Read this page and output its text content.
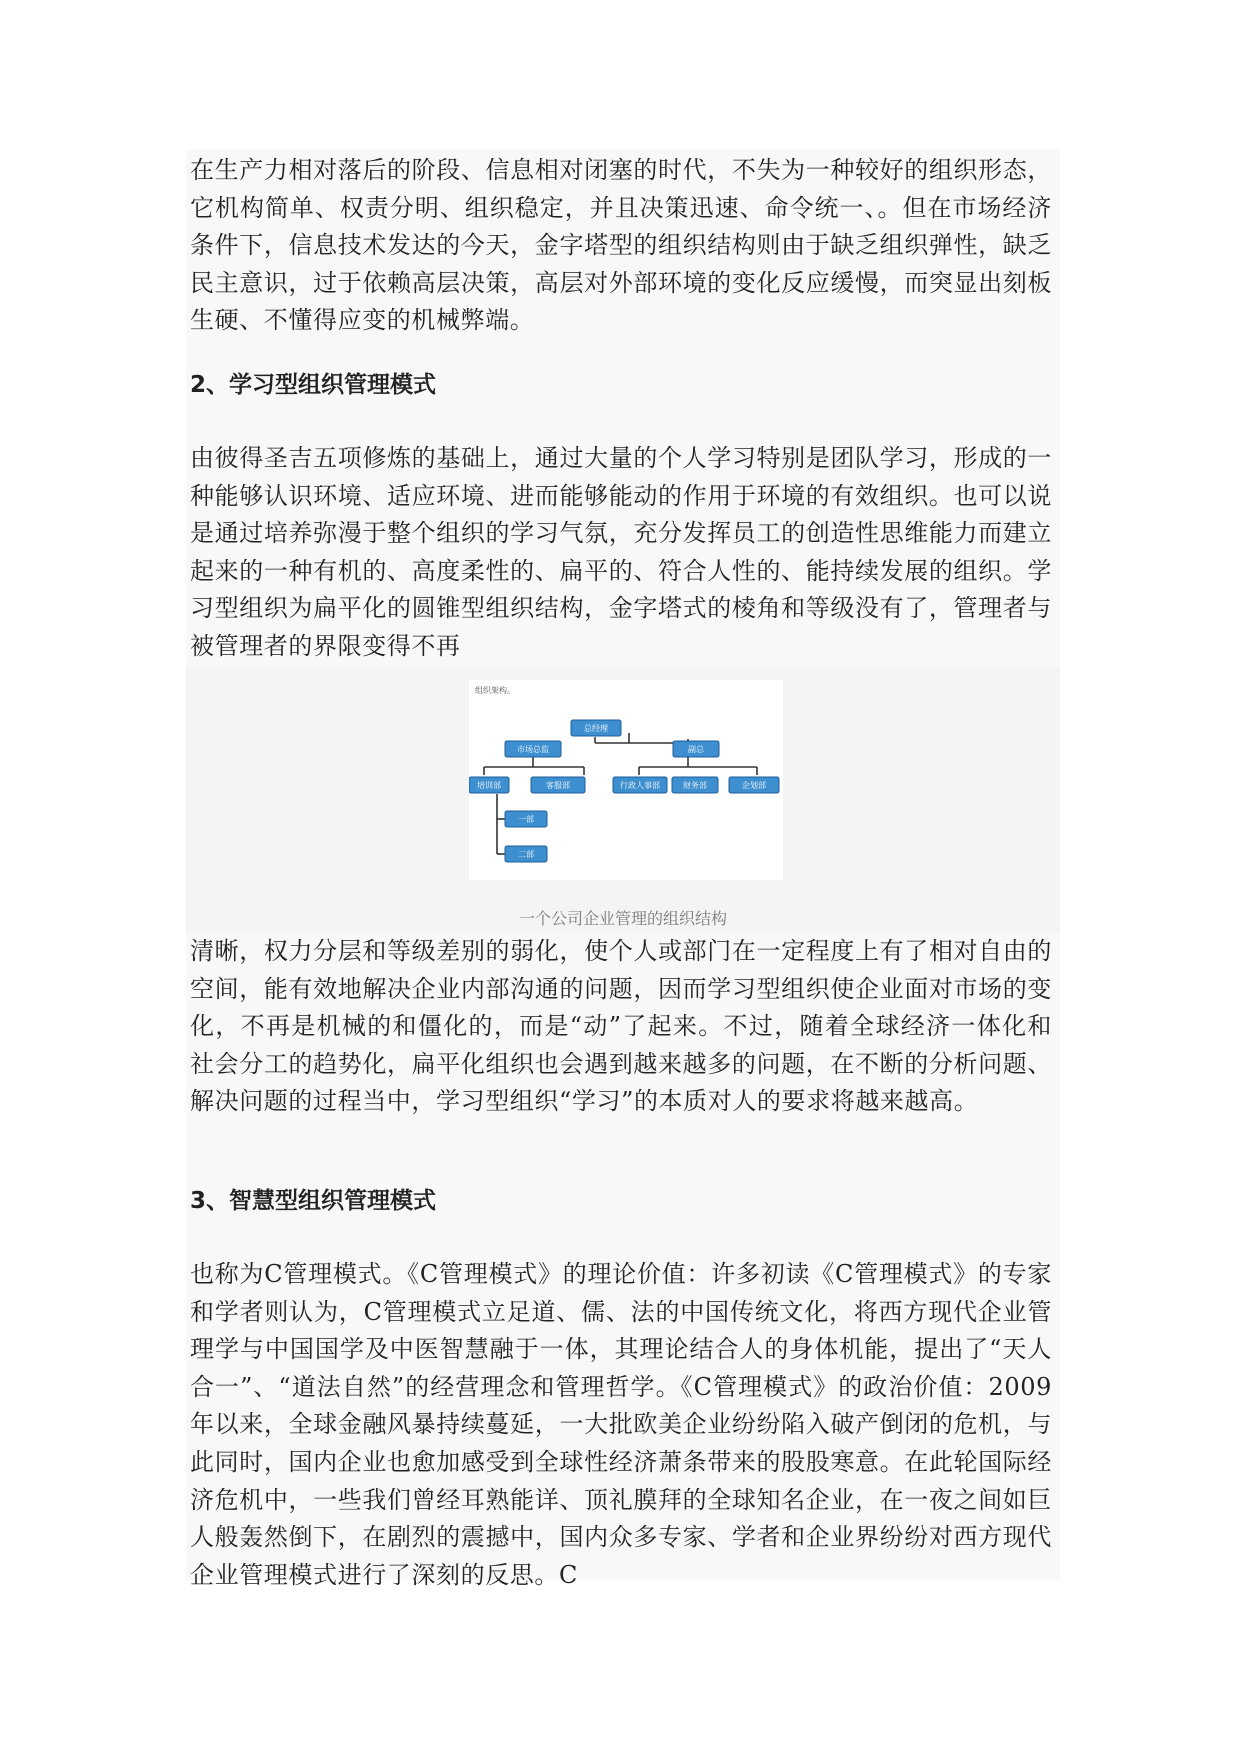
在生产力相对落后的阶段、信息相对闭塞的时代，不失为一种较好的组织形态，它机构简单、权责分明、组织稳定，并且决策迅速、命令统一、。但在市场经济条件下，信息技术发达的今天，金字塔型的组织结构则由于缺乏组织弹性，缺乏民主意识，过于依赖高层决策，高层对外部环境的变化反应缓慢，而突显出刻板生硬、不懂得应变的机械弊端。

2、学习型组织管理模式

由彼得圣吉五项修炼的基础上，通过大量的个人学习特别是团队学习，形成的一种能够认识环境、适应环境、进而能够能动的作用于环境的有效组织。也可以说是通过培养弥漫于整个组织的学习气氛，充分发挥员工的创造性思维能力而建立起来的一种有机的、高度柔性的、扁平的、符合人性的、能持续发展的组织。学习型组织为扁平化的圆锥型组织结构，金字塔式的棱角和等级没有了，管理者与被管理者的界限变得不再

组织架构。
总经理
市场总监	副总
培训部	客服部	行政人事部	财务部	企划部
一部
二部
一个公司企业管理的组织结构

清晰，权力分层和等级差别的弱化，使个人或部门在一定程度上有了相对自由的空间，能有效地解决企业内部沟通的问题，因而学习型组织使企业面对市场的变化，不再是机械的和僵化的，而是“动”了起来。不过，随着全球经济一体化和社会分工的趋势化，扁平化组织也会遇到越来越多的问题，在不断的分析问题、解决问题的过程当中，学习型组织“学习”的本质对人的要求将越来越高。

3、智慧型组织管理模式

也称为C管理模式。《C管理模式》的理论价值：许多初读《C管理模式》的专家和学者则认为，C管理模式立足道、儒、法的中国传统文化，将西方现代企业管理学与中国国学及中医智慧融于一体，其理论结合人的身体机能，提出了“天人合一”、“道法自然”的经营理念和管理哲学。《C管理模式》的政治价值：2009年以来，全球金融风暴持续蔓延，一大批欧美企业纷纷陷入破产倒闭的危机，与此同时，国内企业也愈加感受到全球性经济萧条带来的股股寒意。在此轮国际经济危机中，一些我们曾经耳熟能详、顶礼膜拜的全球知名企业，在一夜之间如巨人般轰然倒下，在剧烈的震撼中，国内众多专家、学者和企业界纷纷对西方现代企业管理模式进行了深刻的反思。C
